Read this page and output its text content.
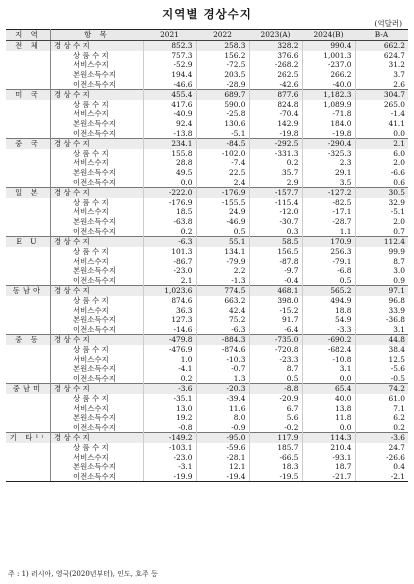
지역별 경상수지
(억달러)
지 역	항 목	2021	2022	2023(A)	2024(B)	B-A
전 체	경 상 수 지	852.3	258.3	328.2	990.4	662.2
	상 품 수 지	757.3	156.2	376.6	1,001.3	624.7
	서비스수지	-52.9	-72.5	-268.2	-237.0	31.2
	본원소득수지	194.4	203.5	262.5	266.2	3.7
	이전소득수지	-46.6	-28.9	-42.6	-40.0	2.6
미 국	경 상 수 지	455.4	689.7	877.6	1,182.3	304.7
	상 품 수 지	417.6	590.0	824.8	1,089.9	265.0
	서비스수지	-40.9	-25.8	-70.4	-71.8	-1.4
	본원소득수지	92.4	130.6	142.9	184.0	41.1
	이전소득수지	-13.8	-5.1	-19.8	-19.8	0.0
중 국	경 상 수 지	234.1	-84.5	-292.5	-290.4	2.1
	상 품 수 지	155.8	-102.0	-331.3	-325.3	6.0
	서비스수지	28.8	-7.4	0.2	2.3	2.0
	본원소득수지	49.5	22.5	35.7	29.1	-6.6
	이전소득수지	0.0	2.4	2.9	3.5	0.6
일 본	경 상 수 지	-222.0	-176.9	-157.7	-127.2	30.5
	상 품 수 지	-176.9	-155.5	-115.4	-82.5	32.9
	서비스수지	18.5	24.9	-12.0	-17.1	-5.1
	본원소득수지	-63.8	-46.9	-30.7	-28.7	2.0
	이전소득수지	0.2	0.5	0.3	1.1	0.7
E U	경 상 수 지	-6.3	55.1	58.5	170.9	112.4
	상 품 수 지	101.3	134.1	156.5	256.3	99.9
	서비스수지	-86.7	-79.9	-87.8	-79.1	8.7
	본원소득수지	-23.0	2.2	-9.7	-6.8	3.0
	이전소득수지	2.1	-1.3	-0.4	0.5	0.9
동남아	경 상 수 지	1,023.6	774.5	468.1	565.2	97.1
	상 품 수 지	874.6	663.2	398.0	494.9	96.8
	서비스수지	36.3	42.4	-15.2	18.8	33.9
	본원소득수지	127.3	75.2	91.7	54.9	-36.8
	이전소득수지	-14.6	-6.3	-6.4	-3.3	3.1
중 동	경 상 수 지	-479.8	-884.3	-735.0	-690.2	44.8
	상 품 수 지	-476.9	-874.6	-720.8	-682.4	38.4
	서비스수지	1.0	-10.3	-23.3	-10.8	12.5
	본원소득수지	-4.1	-0.7	8.7	3.1	-5.6
	이전소득수지	0.2	1.3	0.5	0.0	-0.5
중남미	경 상 수 지	-3.6	-20.3	-8.8	65.4	74.2
	상 품 수 지	-35.1	-39.4	-20.9	40.0	61.0
	서비스수지	13.0	11.6	6.7	13.8	7.1
	본원소득수지	19.2	8.0	5.6	11.8	6.2
	이전소득수지	-0.8	-0.9	-0.2	0.0	0.2
기 타¹⁾	경 상 수 지	-149.2	-95.0	117.9	114.3	-3.6
	상 품 수 지	-103.1	-59.6	185.7	210.4	24.7
	서비스수지	-23.0	-28.1	-66.5	-93.1	-26.6
	본원소득수지	-3.1	12.1	18.3	18.7	0.4
	이전소득수지	-19.9	-19.4	-19.5	-21.7	-2.1
주 : 1) 러시아, 영국(2020년부터), 인도, 호주 등
